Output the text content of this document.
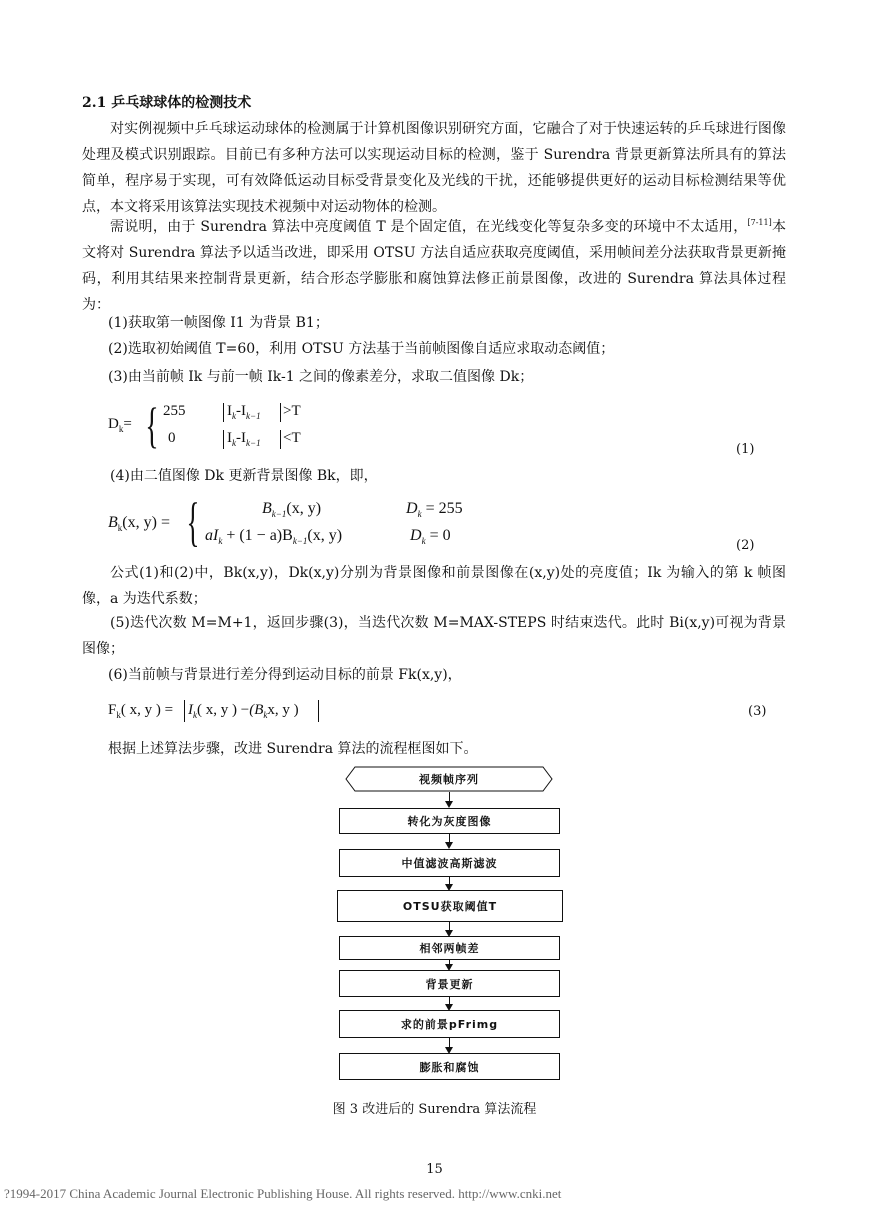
2.1 乒乓球球体的检测技术
对实例视频中乒乓球运动球体的检测属于计算机图像识别研究方面，它融合了对于快速运转的乒乓球进行图像处理及模式识别跟踪。目前已有多种方法可以实现运动目标的检测，鉴于 Surendra 背景更新算法所具有的算法简单，程序易于实现，可有效降低运动目标受背景变化及光线的干扰，还能够提供更好的运动目标检测结果等优点，本文将采用该算法实现技术视频中对运动物体的检测。
需说明，由于 Surendra 算法中亮度阈值 T 是个固定值，在光线变化等复杂多变的环境中不太适用，[7-11]本文将对 Surendra 算法予以适当改进，即采用 OTSU 方法自适应获取亮度阈值，采用帧间差分法获取背景更新掩码，利用其结果来控制背景更新，结合形态学膨胀和腐蚀算法修正前景图像，改进的 Surendra 算法具体过程为：
(1)获取第一帧图像 I1 为背景 B1；
(2)选取初始阈值 T=60，利用 OTSU 方法基于当前帧图像自适应求取动态阈值；
(3)由当前帧 Ik 与前一帧 Ik-1 之间的像素差分，求取二值图像 Dk；
$D_k=$ { 255	$I_k-I_{k-1} >T$
0	$I_k-I_{k-1} <T$
(1)
(4)由二值图像 Dk 更新背景图像 Bk，即，
$B_k(x$, y) = {	$B_{k-1}(x$, y)	$D_k = 255$
$aI_k + (1 - a)B_{k-1}(x$, y)	$D_k = 0$
(2)
公式(1)和(2)中，Bk(x,y)，Dk(x,y)分别为背景图像和前景图像在(x,y)处的亮度值；Ik 为输入的第 k 帧图像，a 为迭代系数；
(5)迭代次数 M=M+1，返回步骤(3)，当迭代次数 M=MAX-STEPS 时结束迭代。此时 Bi(x,y)可视为背景图像；
(6)当前帧与背景进行差分得到运动目标的前景 Fk(x,y)，
$F_k$( x, y ) = $I_k$( x, y ) $-(B_kx$, y )	(3)
根据上述算法步骤，改进 Surendra 算法的流程框图如下。
视频帧序列
转化为灰度图像
中值滤波高斯滤波
OTSU获取阈值T
相邻两帧差
背景更新
求的前景pFrimg
膨胀和腐蚀
图 3 改进后的 Surendra 算法流程
15
?1994-2017 China Academic Journal Electronic Publishing House. All rights reserved. http://www.cnki.net
